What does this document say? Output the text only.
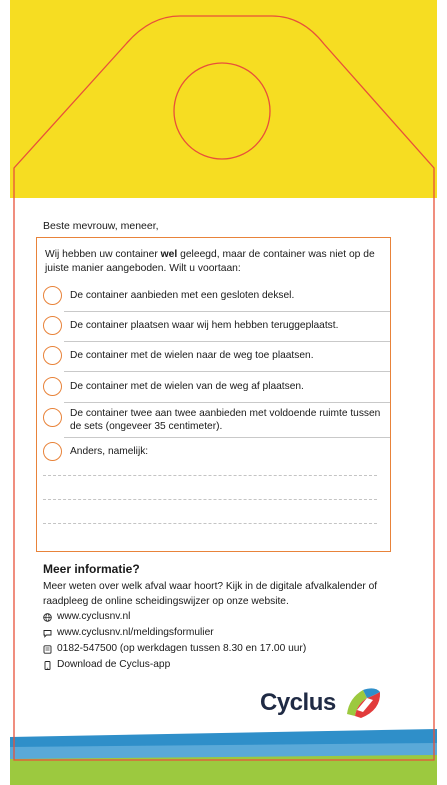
Beste mevrouw, meneer,
Wij hebben uw container wel geleegd, maar de container was niet op de juiste manier aangeboden. Wilt u voortaan:
De container aanbieden met een gesloten deksel.
De container plaatsen waar wij hem hebben teruggeplaatst.
De container met de wielen naar de weg toe plaatsen.
De container met de wielen van de weg af plaatsen.
De container twee aan twee aanbieden met voldoende ruimte tussen de sets (ongeveer 35 centimeter).
Anders, namelijk:
Meer informatie?
Meer weten over welk afval waar hoort? Kijk in de digitale afvalkalender of raadpleeg de online scheidingswijzer op onze website.
www.cyclusnv.nl
www.cyclusnv.nl/meldingsformulier
0182-547500 (op werkdagen tussen 8.30 en 17.00 uur)
Download de Cyclus-app
Cyclus
